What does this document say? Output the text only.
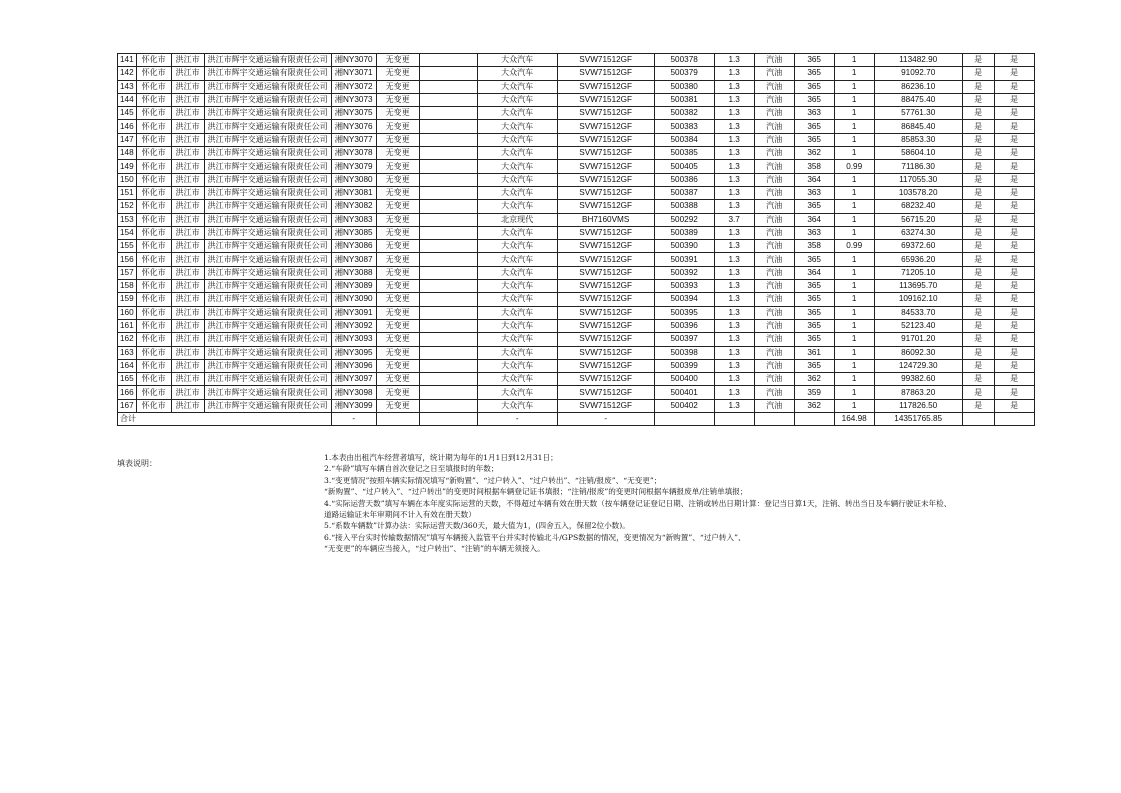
141	怀化市	洪江市	洪江市辉宇交通运输有限责任公司	湘NY3070	无变更		大众汽车	SVW71512GF	500378	1.3	汽油	365	1	113482.90	是	是
142	怀化市	洪江市	洪江市辉宇交通运输有限责任公司	湘NY3071	无变更		大众汽车	SVW71512GF	500379	1.3	汽油	365	1	91092.70	是	是
143	怀化市	洪江市	洪江市辉宇交通运输有限责任公司	湘NY3072	无变更		大众汽车	SVW71512GF	500380	1.3	汽油	365	1	86236.10	是	是
144	怀化市	洪江市	洪江市辉宇交通运输有限责任公司	湘NY3073	无变更		大众汽车	SVW71512GF	500381	1.3	汽油	365	1	88475.40	是	是
145	怀化市	洪江市	洪江市辉宇交通运输有限责任公司	湘NY3075	无变更		大众汽车	SVW71512GF	500382	1.3	汽油	363	1	57761.30	是	是
146	怀化市	洪江市	洪江市辉宇交通运输有限责任公司	湘NY3076	无变更		大众汽车	SVW71512GF	500383	1.3	汽油	365	1	86845.40	是	是
147	怀化市	洪江市	洪江市辉宇交通运输有限责任公司	湘NY3077	无变更		大众汽车	SVW71512GF	500384	1.3	汽油	365	1	85853.30	是	是
148	怀化市	洪江市	洪江市辉宇交通运输有限责任公司	湘NY3078	无变更		大众汽车	SVW71512GF	500385	1.3	汽油	362	1	58604.10	是	是
149	怀化市	洪江市	洪江市辉宇交通运输有限责任公司	湘NY3079	无变更		大众汽车	SVW71512GF	500405	1.3	汽油	358	0.99	71186.30	是	是
150	怀化市	洪江市	洪江市辉宇交通运输有限责任公司	湘NY3080	无变更		大众汽车	SVW71512GF	500386	1.3	汽油	364	1	117055.30	是	是
151	怀化市	洪江市	洪江市辉宇交通运输有限责任公司	湘NY3081	无变更		大众汽车	SVW71512GF	500387	1.3	汽油	363	1	103578.20	是	是
152	怀化市	洪江市	洪江市辉宇交通运输有限责任公司	湘NY3082	无变更		大众汽车	SVW71512GF	500388	1.3	汽油	365	1	68232.40	是	是
153	怀化市	洪江市	洪江市辉宇交通运输有限责任公司	湘NY3083	无变更		北京现代	BH7160VMS	500292	3.7	汽油	364	1	56715.20	是	是
154	怀化市	洪江市	洪江市辉宇交通运输有限责任公司	湘NY3085	无变更		大众汽车	SVW71512GF	500389	1.3	汽油	363	1	63274.30	是	是
155	怀化市	洪江市	洪江市辉宇交通运输有限责任公司	湘NY3086	无变更		大众汽车	SVW71512GF	500390	1.3	汽油	358	0.99	69372.60	是	是
156	怀化市	洪江市	洪江市辉宇交通运输有限责任公司	湘NY3087	无变更		大众汽车	SVW71512GF	500391	1.3	汽油	365	1	65936.20	是	是
157	怀化市	洪江市	洪江市辉宇交通运输有限责任公司	湘NY3088	无变更		大众汽车	SVW71512GF	500392	1.3	汽油	364	1	71205.10	是	是
158	怀化市	洪江市	洪江市辉宇交通运输有限责任公司	湘NY3089	无变更		大众汽车	SVW71512GF	500393	1.3	汽油	365	1	113695.70	是	是
159	怀化市	洪江市	洪江市辉宇交通运输有限责任公司	湘NY3090	无变更		大众汽车	SVW71512GF	500394	1.3	汽油	365	1	109162.10	是	是
160	怀化市	洪江市	洪江市辉宇交通运输有限责任公司	湘NY3091	无变更		大众汽车	SVW71512GF	500395	1.3	汽油	365	1	84533.70	是	是
161	怀化市	洪江市	洪江市辉宇交通运输有限责任公司	湘NY3092	无变更		大众汽车	SVW71512GF	500396	1.3	汽油	365	1	52123.40	是	是
162	怀化市	洪江市	洪江市辉宇交通运输有限责任公司	湘NY3093	无变更		大众汽车	SVW71512GF	500397	1.3	汽油	365	1	91701.20	是	是
163	怀化市	洪江市	洪江市辉宇交通运输有限责任公司	湘NY3095	无变更		大众汽车	SVW71512GF	500398	1.3	汽油	361	1	86092.30	是	是
164	怀化市	洪江市	洪江市辉宇交通运输有限责任公司	湘NY3096	无变更		大众汽车	SVW71512GF	500399	1.3	汽油	365	1	124729.30	是	是
165	怀化市	洪江市	洪江市辉宇交通运输有限责任公司	湘NY3097	无变更		大众汽车	SVW71512GF	500400	1.3	汽油	362	1	99382.60	是	是
166	怀化市	洪江市	洪江市辉宇交通运输有限责任公司	湘NY3098	无变更		大众汽车	SVW71512GF	500401	1.3	汽油	359	1	87863.20	是	是
167	怀化市	洪江市	洪江市辉宇交通运输有限责任公司	湘NY3099	无变更		大众汽车	SVW71512GF	500402	1.3	汽油	362	1	117826.50	是	是
合计				-			-	-					164.98	14351765.85		
填表说明：
1.本表由出租汽车经营者填写，统计期为每年的1月1日到12月31日；
2.“车龄”填写车辆自首次登记之日至填报时的年数；
3.“变更情况”按照车辆实际情况填写“新购置”、“过户转入”、“过户转出”、“注销/报废”、“无变更”；
“新购置”、“过户转入”、“过户转出”的变更时间根据车辆登记证书填报；“注销/报废”的变更时间根据车辆报废单/注销单填报；
4.“实际运营天数”填写车辆在本年度实际运营的天数，不得超过车辆有效在册天数（按车辆登记证登记日期、注销或转出日期计算：登记当日算1天，注销、转出当日及车辆行驶证未年检、
道路运输证未年审期间不计入有效在册天数）
5.“系数车辆数”计算办法：实际运营天数/360天，最大值为1，(四舍五入，保留2位小数)。
6.“接入平台实时传输数据情况”填写车辆接入监管平台并实时传输北斗/GPS数据的情况，变更情况为“新购置”、“过户转入”、
“无变更”的车辆应当接入，“过户转出”、“注销”的车辆无须接入。
